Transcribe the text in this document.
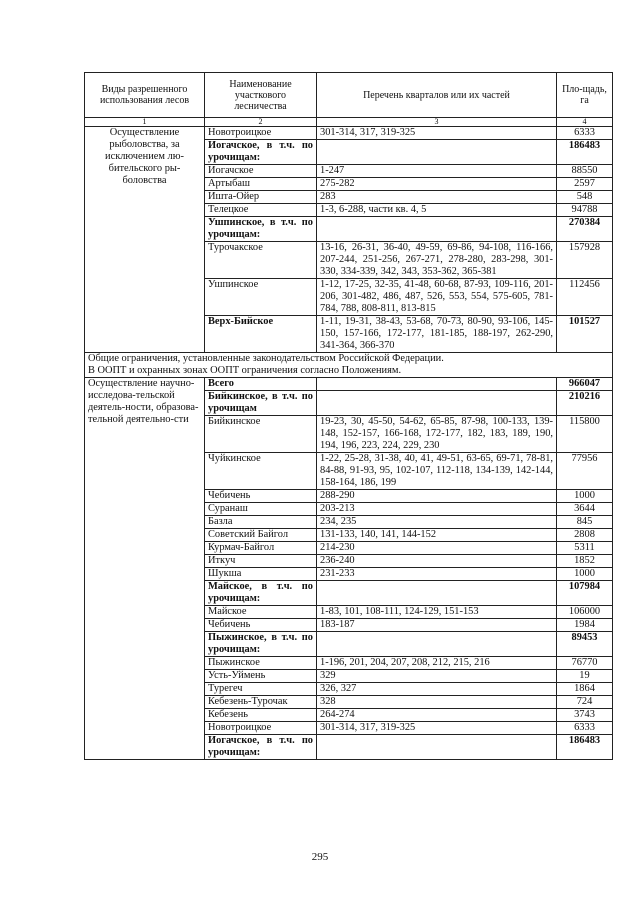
Виды разрешенного использования лесов	Наименование участкового лесничества	Перечень кварталов или их частей	Пло-щадь, га
1	2	3	4
Осуществление рыболовства, за исключением лю-бительского ры-боловства	Новотроицкое	301-314, 317, 319-325	6333
	Иогачское, в т.ч. по урочищам:		186483
	Иогачское	1-247	88550
	Артыбаш	275-282	2597
	Ишта-Ойер	283	548
	Телецкое	1-3, 6-288, части кв. 4, 5	94788
	Ушпинское, в т.ч. по урочищам:		270384
	Турочакское	13-16, 26-31, 36-40, 49-59, 69-86, 94-108, 116-166, 207-244, 251-256, 267-271, 278-280, 283-298, 301-330, 334-339, 342, 343, 353-362, 365-381	157928
	Ушпинское	1-12, 17-25, 32-35, 41-48, 60-68, 87-93, 109-116, 201-206, 301-482, 486, 487, 526, 553, 554, 575-605, 781-784, 788, 808-811, 813-815	112456
	Верх-Бийское	1-11, 19-31, 38-43, 53-68, 70-73, 80-90, 93-106, 145-150, 157-166, 172-177, 181-185, 188-197, 262-290, 341-364, 366-370	101527

Общие ограничения, установленные законодательством Российской Федерации.
В ООПТ и охранных зонах ООПТ ограничения согласно Положениям.			

Осуществление научно-исследова-тельской деятель-ности, образова-тельной деятельно-сти	Всего		966047
	Бийкинское, в т.ч. по урочищам		210216
	Бийкинское	19-23, 30, 45-50, 54-62, 65-85, 87-98, 100-133, 139-148, 152-157, 166-168, 172-177, 182, 183, 189, 190, 194, 196, 223, 224, 229, 230	115800
	Чуйкинское	1-22, 25-28, 31-38, 40, 41, 49-51, 63-65, 69-71, 78-81, 84-88, 91-93, 95, 102-107, 112-118, 134-139, 142-144, 158-164, 186, 199	77956
	Чебичень	288-290	1000
	Суранаш	203-213	3644
	Базла	234, 235	845
	Советский Байгол	131-133, 140, 141, 144-152	2808
	Курмач-Байгол	214-230	5311
	Иткуч	236-240	1852
	Шукша	231-233	1000
	Майское, в т.ч. по урочищам:		107984
	Майское	1-83, 101, 108-111, 124-129, 151-153	106000
	Чебичень	183-187	1984
	Пыжинское, в т.ч. по урочищам:		89453
	Пыжинское	1-196, 201, 204, 207, 208, 212, 215, 216	76770
	Усть-Уймень	329	19
	Турегеч	326, 327	1864
	Кебезень-Турочак	328	724
	Кебезень	264-274	3743
	Новотроицкое	301-314, 317, 319-325	6333
	Иогачское, в т.ч. по урочищам:		186483
295
